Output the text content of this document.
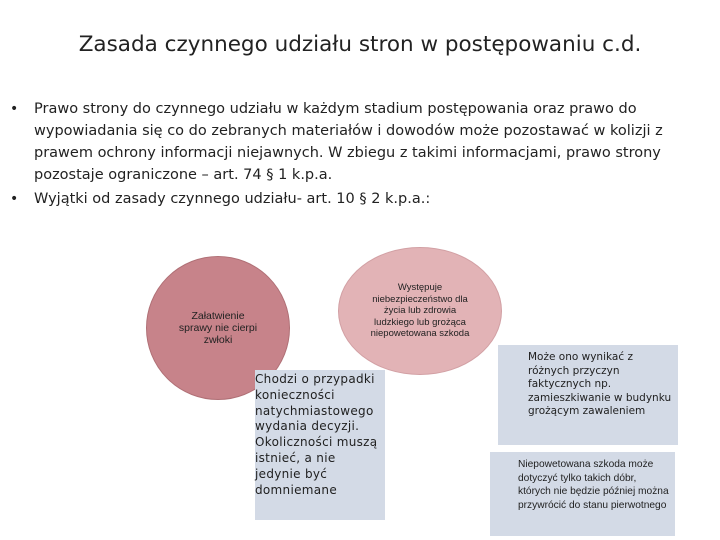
Zasada czynnego udziału stron w postępowaniu c.d.
• Prawo strony do czynnego udziału w każdym stadium postępowania oraz prawo do wypowiadania się co do zebranych materiałów i dowodów może pozostawać w kolizji z prawem ochrony informacji niejawnych. W zbiegu z takimi informacjami, prawo strony pozostaje ograniczone – art. 74 § 1 k.p.a.
• Wyjątki od zasady czynnego udziału- art. 10 § 2 k.p.a.:
Załatwienie sprawy nie cierpi zwłoki
Występuje niebezpieczeństwo dla życia lub zdrowia ludzkiego lub grożąca niepowetowana szkoda
Chodzi o przypadki konieczności natychmiastowego wydania decyzji. Okoliczności muszą istnieć, a nie jedynie być domniemane
Może ono wynikać z różnych przyczyn faktycznych np. zamieszkiwanie w budynku grożącym zawaleniem
Niepowetowana szkoda może dotyczyć tylko takich dóbr, których nie będzie później można przywrócić do stanu pierwotnego
